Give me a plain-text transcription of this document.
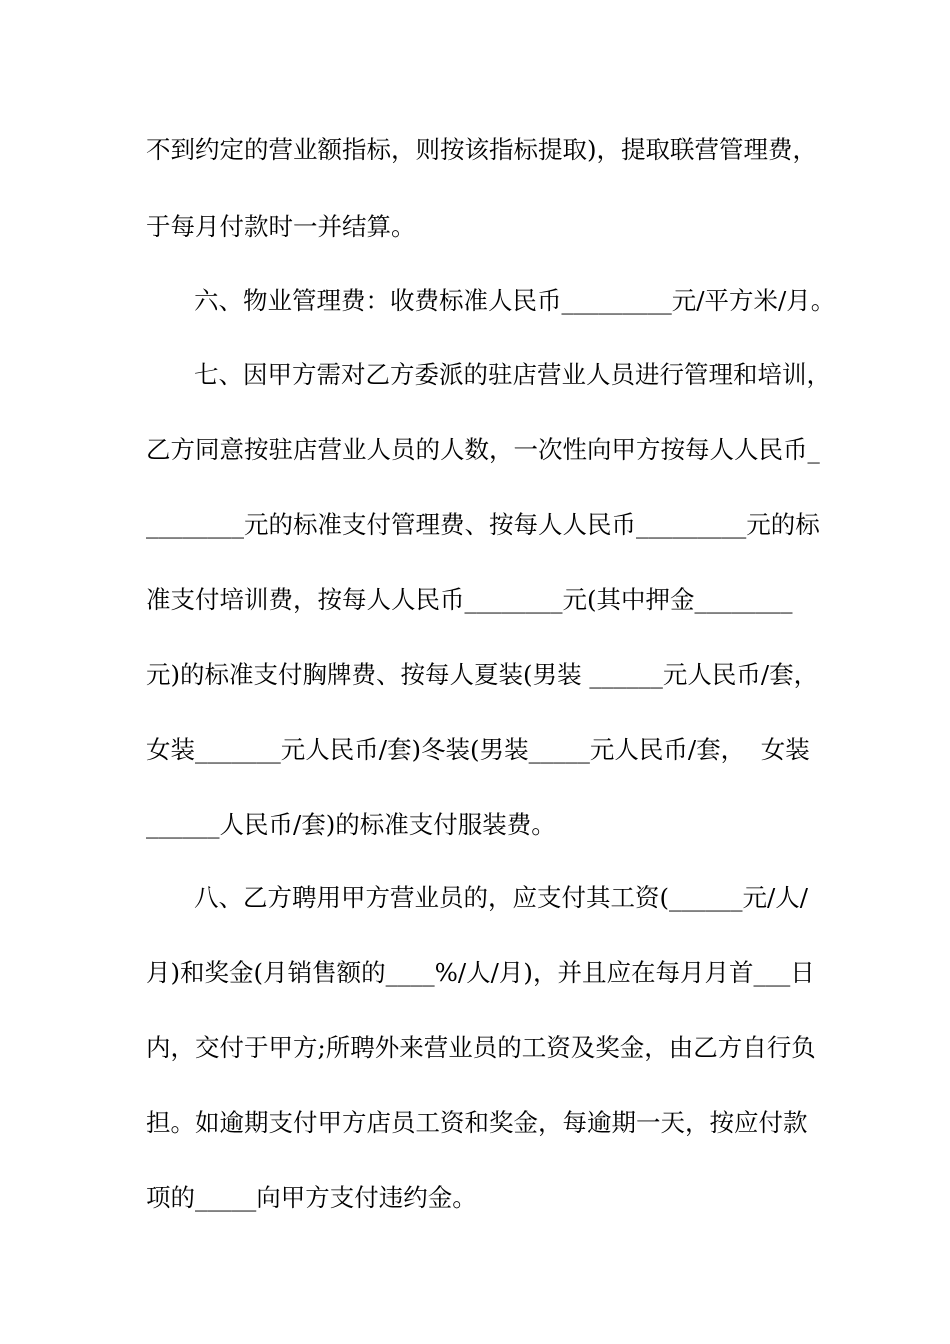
不到约定的营业额指标，则按该指标提取)，提取联营管理费，
于每月付款时一并结算。
六、物业管理费：收费标准人民币_________元/平方米/月。
七、因甲方需对乙方委派的驻店营业人员进行管理和培训，
乙方同意按驻店营业人员的人数，一次性向甲方按每人人民币_
________元的标准支付管理费、按每人人民币_________元的标
准支付培训费，按每人人民币________元(其中押金________
元)的标准支付胸牌费、按每人夏装(男装 ______元人民币/套，
女装_______元人民币/套)冬装(男装_____元人民币/套，  女装
______人民币/套)的标准支付服装费。
八、乙方聘用甲方营业员的，应支付其工资(______元/人/
月)和奖金(月销售额的____%/人/月)，并且应在每月月首___日
内，交付于甲方;所聘外来营业员的工资及奖金，由乙方自行负
担。如逾期支付甲方店员工资和奖金，每逾期一天，按应付款
项的_____向甲方支付违约金。
